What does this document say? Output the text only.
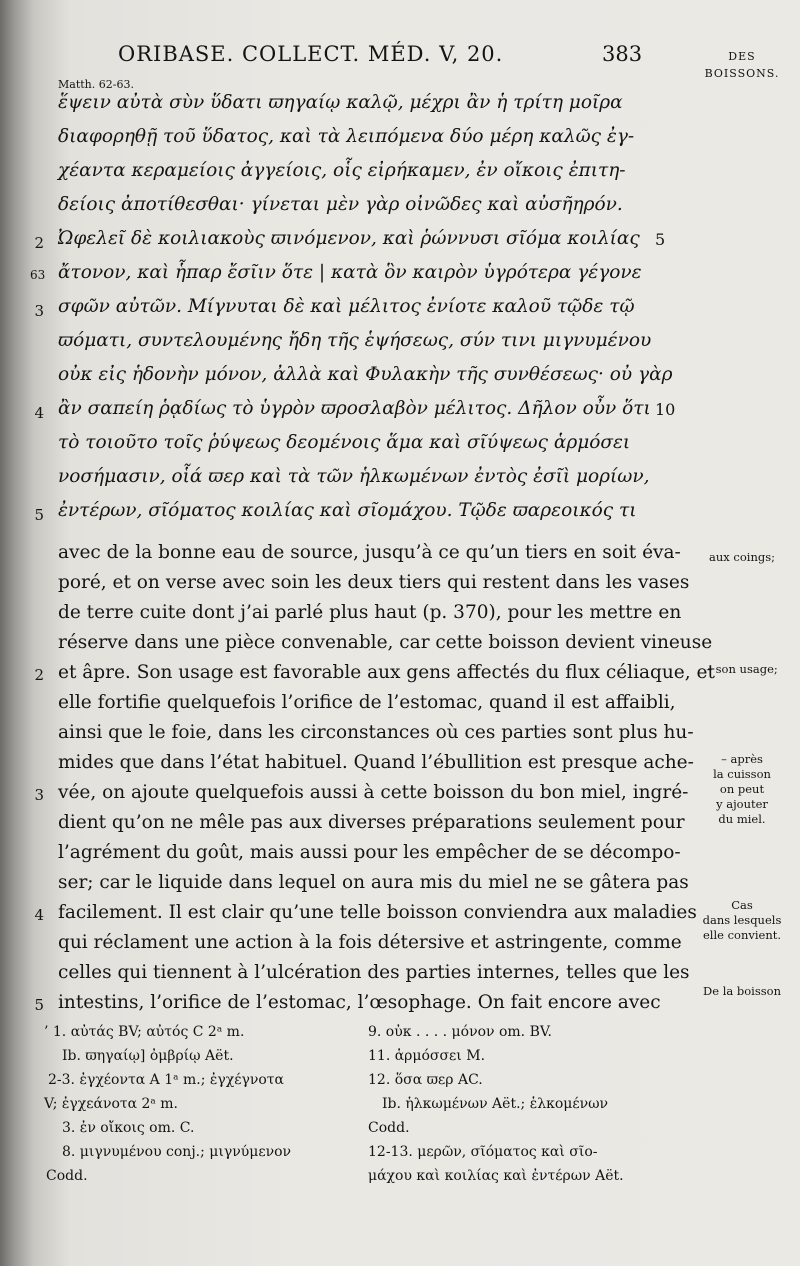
ORIBASE. COLLECT. MÉD. V, 20.	383	DES
BOISSONS.
Matth. 62-63.
ἕψειν αὐτὰ σὺν ὕδατι ϖηγαίῳ καλῷ, μέχρι ἂν ἡ τρίτη μοῖρα
διαφορηθῇ τοῦ ὕδατος, καὶ τὰ λειπόμενα δύο μέρη καλῶς ἐγ-
χέαντα κεραμείοις ἀγγείοις, οἷς εἰρήκαμεν, ἐν οἴκοις ἐπιτη-
δείοις ἀποτίθεσθαι· γίνεται μὲν γὰρ οἰνῶδες καὶ αὐσῆηρόν.
2 Ὠφελεῖ δὲ κοιλιακοὺς ϖινόμενον, καὶ ῥώννυσι σῖόμα κοιλίας 5
63 ἄτονον, καὶ ἧπαρ ἔσῖιν ὅτε | κατὰ ὃν καιρὸν ὑγρότερα γέγονε
3 σφῶν αὐτῶν. Μίγνυται δὲ καὶ μέλιτος ἐνίοτε καλοῦ τῷδε τῷ
ϖόματι, συντελουμένης ἤδη τῆς ἑψήσεως, σύν τινι μιγνυμένου
οὐκ εἰς ἡδονὴν μόνον, ἀλλὰ καὶ Φυλακὴν τῆς συνθέσεως· οὐ γὰρ
4 ἂν σαπείη ῥᾳδίως τὸ ὑγρὸν ϖροσλαβὸν μέλιτος. Δῆλον οὖν ὅτι 10
τὸ τοιοῦτο τοῖς ῥύψεως δεομένοις ἅμα καὶ σῖύψεως ἁρμόσει
νοσήμασιν, οἷά ϖερ καὶ τὰ τῶν ἡλκωμένων ἐντὸς ἐσῖὶ μορίων,
5 ἐντέρων, σῖόματος κοιλίας καὶ σῖομάχου. Τῷδε ϖαρεοικός τι
avec de la bonne eau de source, jusqu’à ce qu’un tiers en soit éva-
poré, et on verse avec soin les deux tiers qui restent dans les vases
de terre cuite dont j’ai parlé plus haut (p. 370), pour les mettre en
réserve dans une pièce convenable, car cette boisson devient vineuse
2 et âpre. Son usage est favorable aux gens affectés du flux céliaque, et
elle fortifie quelquefois l’orifice de l’estomac, quand il est affaibli,
ainsi que le foie, dans les circonstances où ces parties sont plus hu-
mides que dans l’état habituel. Quand l’ébullition est presque ache-
3 vée, on ajoute quelquefois aussi à cette boisson du bon miel, ingré-
dient qu’on ne mêle pas aux diverses préparations seulement pour
l’agrément du goût, mais aussi pour les empêcher de se décompo-
ser; car le liquide dans lequel on aura mis du miel ne se gâtera pas
4 facilement. Il est clair qu’une telle boisson conviendra aux maladies
qui réclament une action à la fois détersive et astringente, comme
celles qui tiennent à l’ulcération des parties internes, telles que les
5 intestins, l’orifice de l’estomac, l’œsophage. On fait encore avec
aux coings;
– son usage;
– après
la cuisson
on peut
y ajouter
du miel.
Cas
dans lesquels
elle convient.
De la boisson
’ 1. αὐτάς BV; αὐτός C 2ᵃ m.
Ib. ϖηγαίῳ] ὀμβρίῳ Aët.
2-3. ἐγχέοντα A 1ᵃ m.; ἐγχέγνοτα
V; ἐγχεάνοτα 2ᵃ m.
3. ἐν οἴκοις om. C.
8. μιγνυμένου conj.; μιγνύμενον
Codd.
9. οὐκ . . . . μόνον om. BV.
11. ἁρμόσσει M.
12. ὅσα ϖερ AC.
Ib. ἡλκωμένων Aët.; ἑλκομένων
Codd.
12-13. μερῶν, σῖόματος καὶ σῖο-
μάχου καὶ κοιλίας καὶ ἐντέρων Aët.
